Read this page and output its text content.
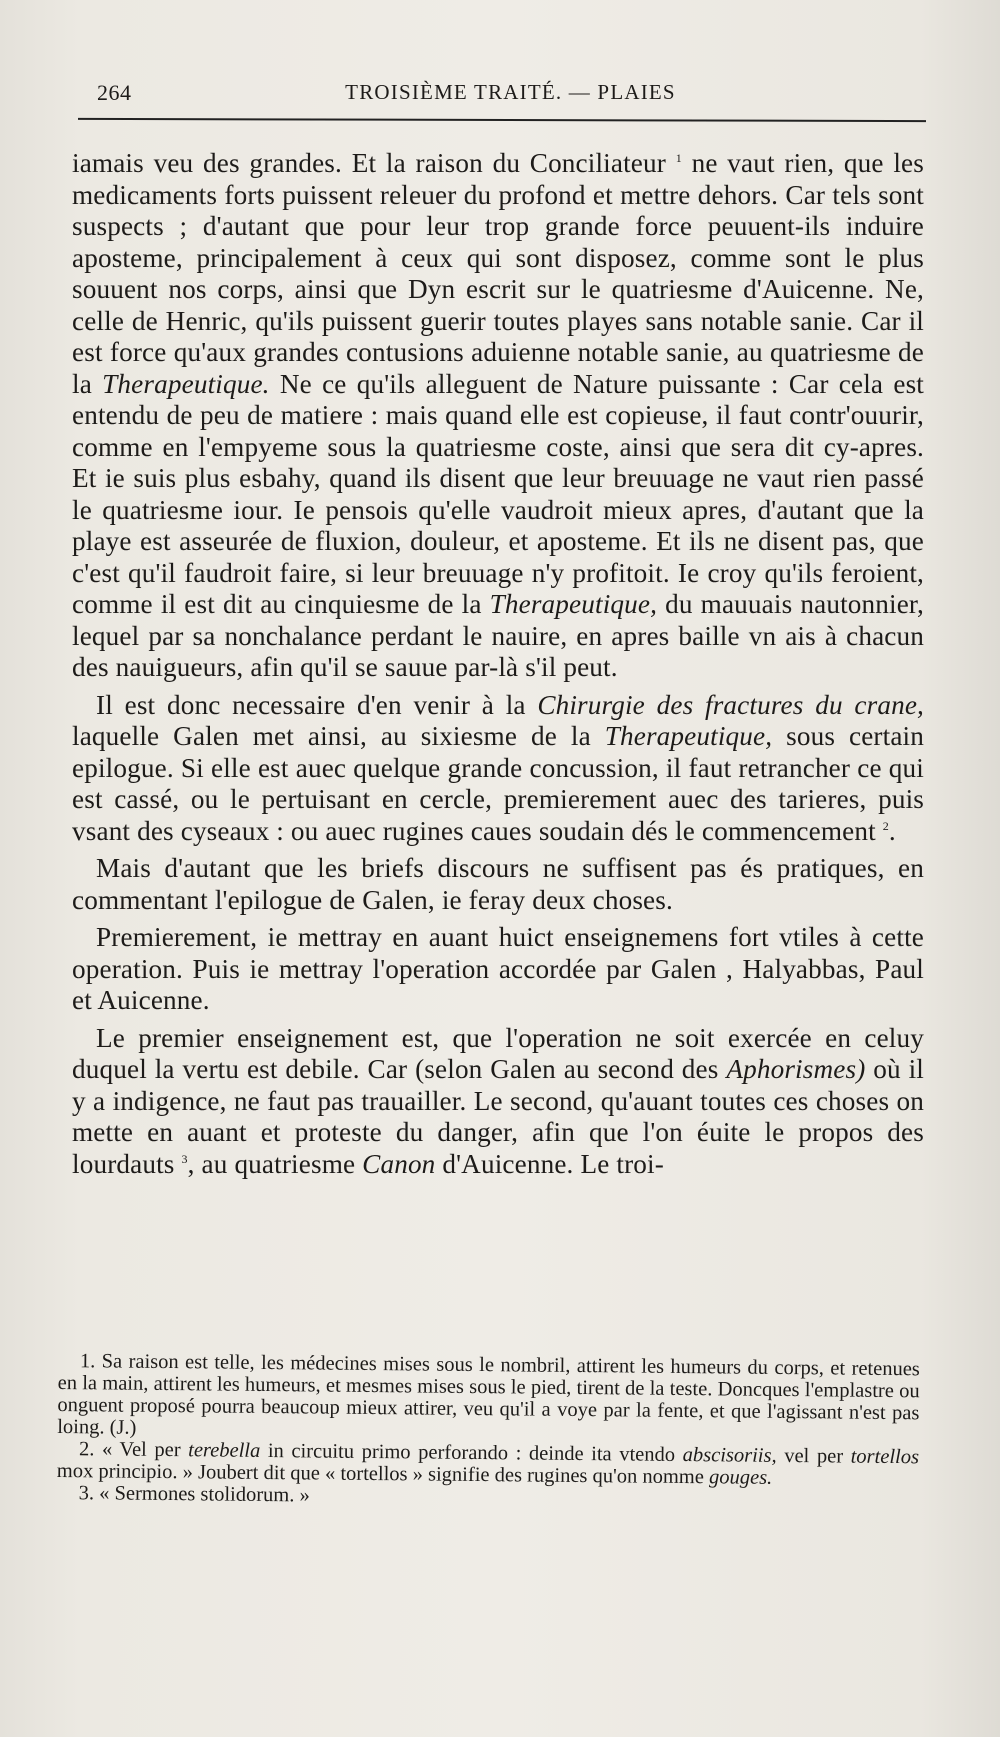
264	TROISIÈME TRAITÉ. — PLAIES

iamais veu des grandes. Et la raison du Conciliateur $^1$ ne vaut rien, que les medicaments forts puissent releuer du profond et mettre dehors. Car tels sont suspects ; d'autant que pour leur trop grande force peuuent-ils induire aposteme, principalement à ceux qui sont disposez, comme sont le plus souuent nos corps, ainsi que Dyn escrit sur le quatriesme d'Auicenne. Ne, celle de Henric, qu'ils puissent guerir toutes playes sans notable sanie. Car il est force qu'aux grandes contusions aduienne notable sanie, au quatriesme de la Therapeutique. Ne ce qu'ils alleguent de Nature puissante : Car cela est entendu de peu de matiere : mais quand elle est copieuse, il faut contr'ouurir, comme en l'empyeme sous la quatriesme coste, ainsi que sera dit cy-apres. Et ie suis plus esbahy, quand ils disent que leur breuuage ne vaut rien passé le quatriesme iour. Ie pensois qu'elle vaudroit mieux apres, d'autant que la playe est asseurée de fluxion, douleur, et aposteme. Et ils ne disent pas, que c'est qu'il faudroit faire, si leur breuuage n'y profitoit. Ie croy qu'ils feroient, comme il est dit au cinquiesme de la Therapeutique, du mauuais nautonnier, lequel par sa nonchalance perdant le nauire, en apres baille vn ais à chacun des nauigueurs, afin qu'il se sauue par-là s'il peut.

Il est donc necessaire d'en venir à la Chirurgie des fractures du crane, laquelle Galen met ainsi, au sixiesme de la Therapeutique, sous certain epilogue. Si elle est auec quelque grande concussion, il faut retrancher ce qui est cassé, ou le pertuisant en cercle, premierement auec des tarieres, puis vsant des cyseaux : ou auec rugines caues soudain dés le commencement $^2$.

Mais d'autant que les briefs discours ne suffisent pas és pratiques, en commentant l'epilogue de Galen, ie feray deux choses.

Premierement, ie mettray en auant huict enseignemens fort vtiles à cette operation. Puis ie mettray l'operation accordée par Galen , Halyabbas, Paul et Auicenne.

Le premier enseignement est, que l'operation ne soit exercée en celuy duquel la vertu est debile. Car (selon Galen au second des Aphorismes) où il y a indigence, ne faut pas trauailler. Le second, qu'auant toutes ces choses on mette en auant et proteste du danger, afin que l'on éuite le propos des lourdauts $^3$, au quatriesme Canon d'Auicenne. Le troi-

1. Sa raison est telle, les médecines mises sous le nombril, attirent les humeurs du corps, et retenues en la main, attirent les humeurs, et mesmes mises sous le pied, tirent de la teste. Doncques l'emplastre ou onguent proposé pourra beaucoup mieux attirer, veu qu'il a voye par la fente, et que l'agissant n'est pas loing. (J.)

2. « Vel per terebella in circuitu primo perforando : deinde ita vtendo abscisoriis, vel per tortellos mox principio. » Joubert dit que « tortellos » signifie des rugines qu'on nomme gouges.

3. « Sermones stolidorum. »
